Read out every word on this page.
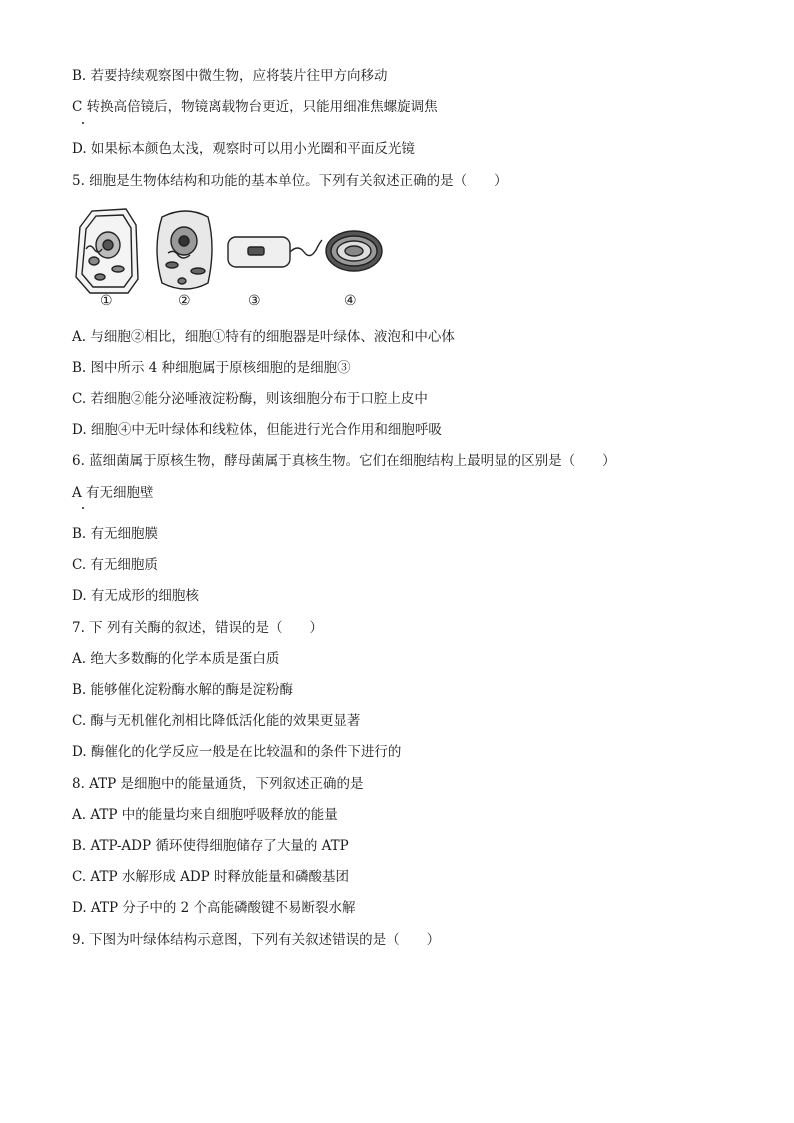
B. 若要持续观察图中微生物，应将装片往甲方向移动
C 转换高倍镜后，物镜离载物台更近，只能用细准焦螺旋调焦
D. 如果标本颜色太浅，观察时可以用小光圈和平面反光镜
5. 细胞是生物体结构和功能的基本单位。下列有关叙述正确的是（　　）
①	②	③	④
A. 与细胞②相比，细胞①特有的细胞器是叶绿体、液泡和中心体
B. 图中所示 4 种细胞属于原核细胞的是细胞③
C. 若细胞②能分泌唾液淀粉酶，则该细胞分布于口腔上皮中
D. 细胞④中无叶绿体和线粒体，但能进行光合作用和细胞呼吸
6. 蓝细菌属于原核生物，酵母菌属于真核生物。它们在细胞结构上最明显的区别是（　　）
A 有无细胞壁
B. 有无细胞膜
C. 有无细胞质
D. 有无成形的细胞核
7. 下 列有关酶的叙述，错误的是（　　）
A. 绝大多数酶的化学本质是蛋白质
B. 能够催化淀粉酶水解的酶是淀粉酶
C. 酶与无机催化剂相比降低活化能的效果更显著
D. 酶催化的化学反应一般是在比较温和的条件下进行的
8. ATP 是细胞中的能量通货，下列叙述正确的是
A. ATP 中的能量均来自细胞呼吸释放的能量
B. ATP-ADP 循环使得细胞储存了大量的 ATP
C. ATP 水解形成 ADP 时释放能量和磷酸基团
D. ATP 分子中的 2 个高能磷酸键不易断裂水解
9. 下图为叶绿体结构示意图，下列有关叙述错误的是（　　）
